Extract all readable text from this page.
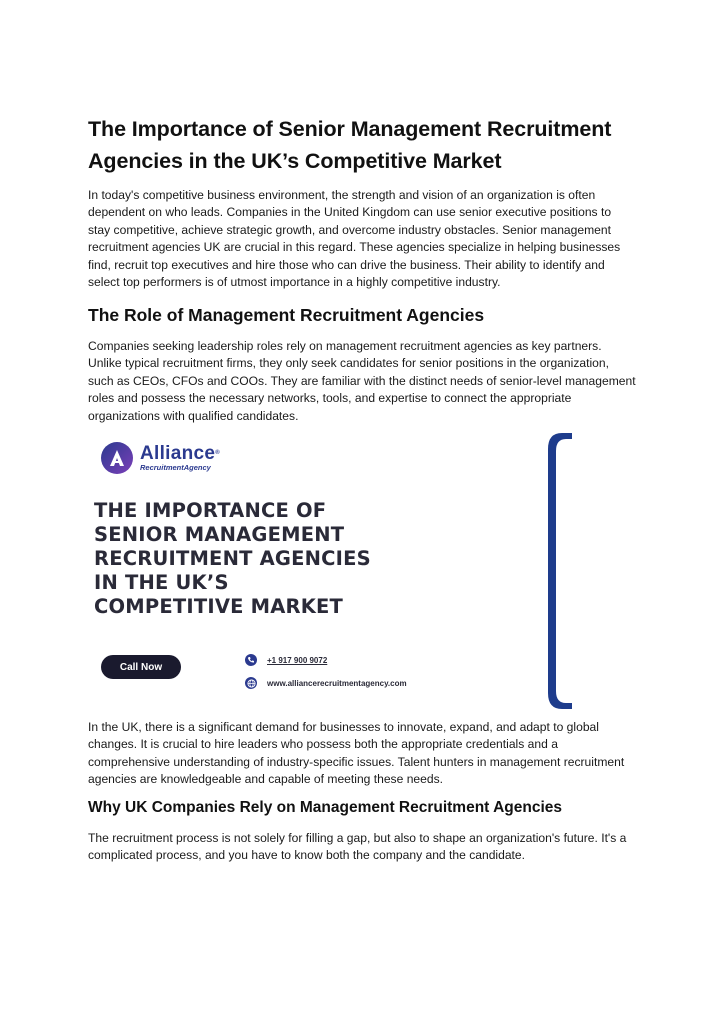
The Importance of Senior Management Recruitment Agencies in the UK’s Competitive Market

In today's competitive business environment, the strength and vision of an organization is often dependent on who leads. Companies in the United Kingdom can use senior executive positions to stay competitive, achieve strategic growth, and overcome industry obstacles. Senior management recruitment agencies UK are crucial in this regard. These agencies specialize in helping businesses find, recruit top executives and hire those who can drive the business. Their ability to identify and select top performers is of utmost importance in a highly competitive industry.

The Role of Management Recruitment Agencies

Companies seeking leadership roles rely on management recruitment agencies as key partners. Unlike typical recruitment firms, they only seek candidates for senior positions in the organization, such as CEOs, CFOs and COOs. They are familiar with the distinct needs of senior-level management roles and possess the necessary networks, tools, and expertise to connect the appropriate organizations with qualified candidates.

In the UK, there is a significant demand for businesses to innovate, expand, and adapt to global changes. It is crucial to hire leaders who possess both the appropriate credentials and a comprehensive understanding of industry-specific issues. Talent hunters in management recruitment agencies are knowledgeable and capable of meeting these needs.

Why UK Companies Rely on Management Recruitment Agencies

The recruitment process is not solely for filling a gap, but also to shape an organization's future. It's a complicated process, and you have to know both the company and the candidate.

Alliance®
RecruitmentAgency
THE IMPORTANCE OF
SENIOR MANAGEMENT
RECRUITMENT AGENCIES
IN THE UK’S
COMPETITIVE MARKET
Call Now
+1 917 900 9072
www.alliancerecruitmentagency.com
